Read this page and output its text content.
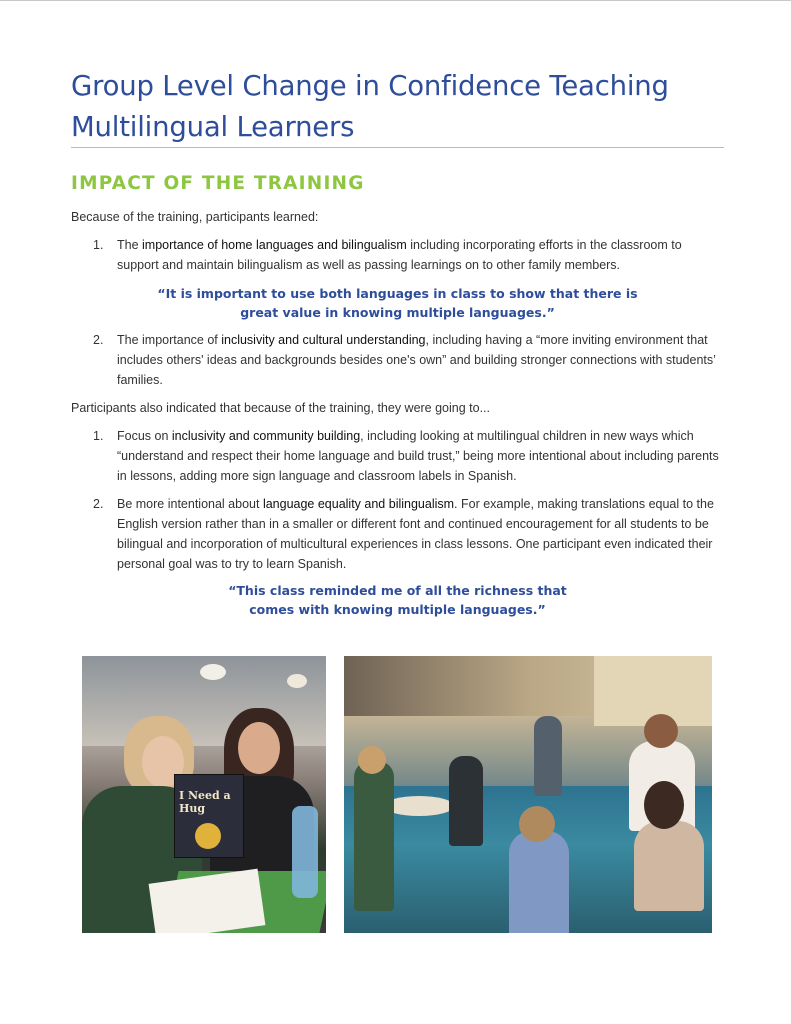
Group Level Change in Confidence Teaching Multilingual Learners
IMPACT OF THE TRAINING

Because of the training, participants learned:

1. The importance of home languages and bilingualism including incorporating efforts in the classroom to support and maintain bilingualism as well as passing learnings on to other family members.
“It is important to use both languages in class to show that there is
great value in knowing multiple languages.”
2. The importance of inclusivity and cultural understanding, including having a “more inviting environment that includes others' ideas and backgrounds besides one's own” and building stronger connections with students’ families.

Participants also indicated that because of the training, they were going to...

1. Focus on inclusivity and community building, including looking at multilingual children in new ways which “understand and respect their home language and build trust,” being more intentional about including parents in lessons, adding more sign language and classroom labels in Spanish.
2. Be more intentional about language equality and bilingualism. For example, making translations equal to the English version rather than in a smaller or different font and continued encouragement for all students to be bilingual and incorporation of multicultural experiences in class lessons. One participant even indicated their personal goal was to try to learn Spanish.
“This class reminded me of all the richness that
comes with knowing multiple languages.”
I Need a Hug
